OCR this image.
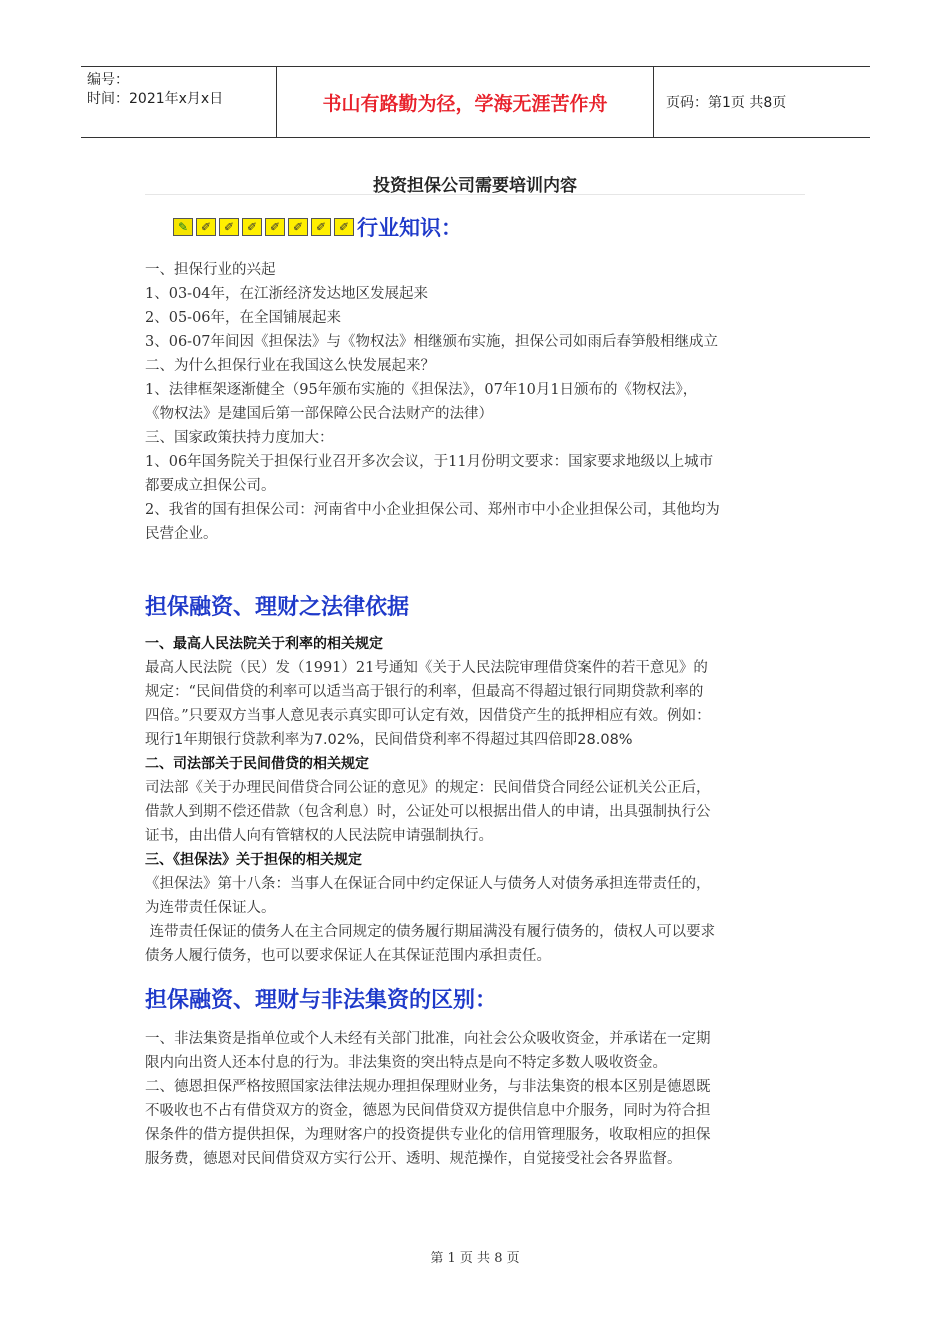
编号：
时间：2021年x月x日	书山有路勤为径，学海无涯苦作舟	页码：第1页 共8页
投资担保公司需要培训内容
✎	✐	✐	✐	✐	✐	✐	✐ 行业知识：

一、担保行业的兴起

1、03-04年，在江浙经济发达地区发展起来

2、05-06年，在全国铺展起来

3、06-07年间因《担保法》与《物权法》相继颁布实施，担保公司如雨后春笋般相继成立

二、为什么担保行业在我国这么快发展起来？

1、法律框架逐渐健全（95年颁布实施的《担保法》，07年10月1日颁布的《物权法》，

《物权法》是建国后第一部保障公民合法财产的法律）

三、国家政策扶持力度加大：

1、06年国务院关于担保行业召开多次会议，于11月份明文要求：国家要求地级以上城市

都要成立担保公司。

2、我省的国有担保公司：河南省中小企业担保公司、郑州市中小企业担保公司，其他均为

民营企业。

担保融资、理财之法律依据
一、最高人民法院关于利率的相关规定

最高人民法院（民）发（1991）21号通知《关于人民法院审理借贷案件的若干意见》的

规定：“民间借贷的利率可以适当高于银行的利率，但最高不得超过银行同期贷款利率的

四倍。”只要双方当事人意见表示真实即可认定有效，因借贷产生的抵押相应有效。例如：

现行1年期银行贷款利率为7.02%，民间借贷利率不得超过其四倍即28.08%

二、司法部关于民间借贷的相关规定

司法部《关于办理民间借贷合同公证的意见》的规定：民间借贷合同经公证机关公正后，

借款人到期不偿还借款（包含利息）时，公证处可以根据出借人的申请，出具强制执行公

证书，由出借人向有管辖权的人民法院申请强制执行。

三、《担保法》关于担保的相关规定

《担保法》第十八条：当事人在保证合同中约定保证人与债务人对债务承担连带责任的，

为连带责任保证人。

连带责任保证的债务人在主合同规定的债务履行期届满没有履行债务的，债权人可以要求

债务人履行债务，也可以要求保证人在其保证范围内承担责任。

担保融资、理财与非法集资的区别：

一、非法集资是指单位或个人未经有关部门批准，向社会公众吸收资金，并承诺在一定期

限内向出资人还本付息的行为。非法集资的突出特点是向不特定多数人吸收资金。

二、德恩担保严格按照国家法律法规办理担保理财业务，与非法集资的根本区别是德恩既

不吸收也不占有借贷双方的资金，德恩为民间借贷双方提供信息中介服务，同时为符合担

保条件的借方提供担保，为理财客户的投资提供专业化的信用管理服务，收取相应的担保

服务费，德恩对民间借贷双方实行公开、透明、规范操作，自觉接受社会各界监督。

第 1 页 共 8 页
